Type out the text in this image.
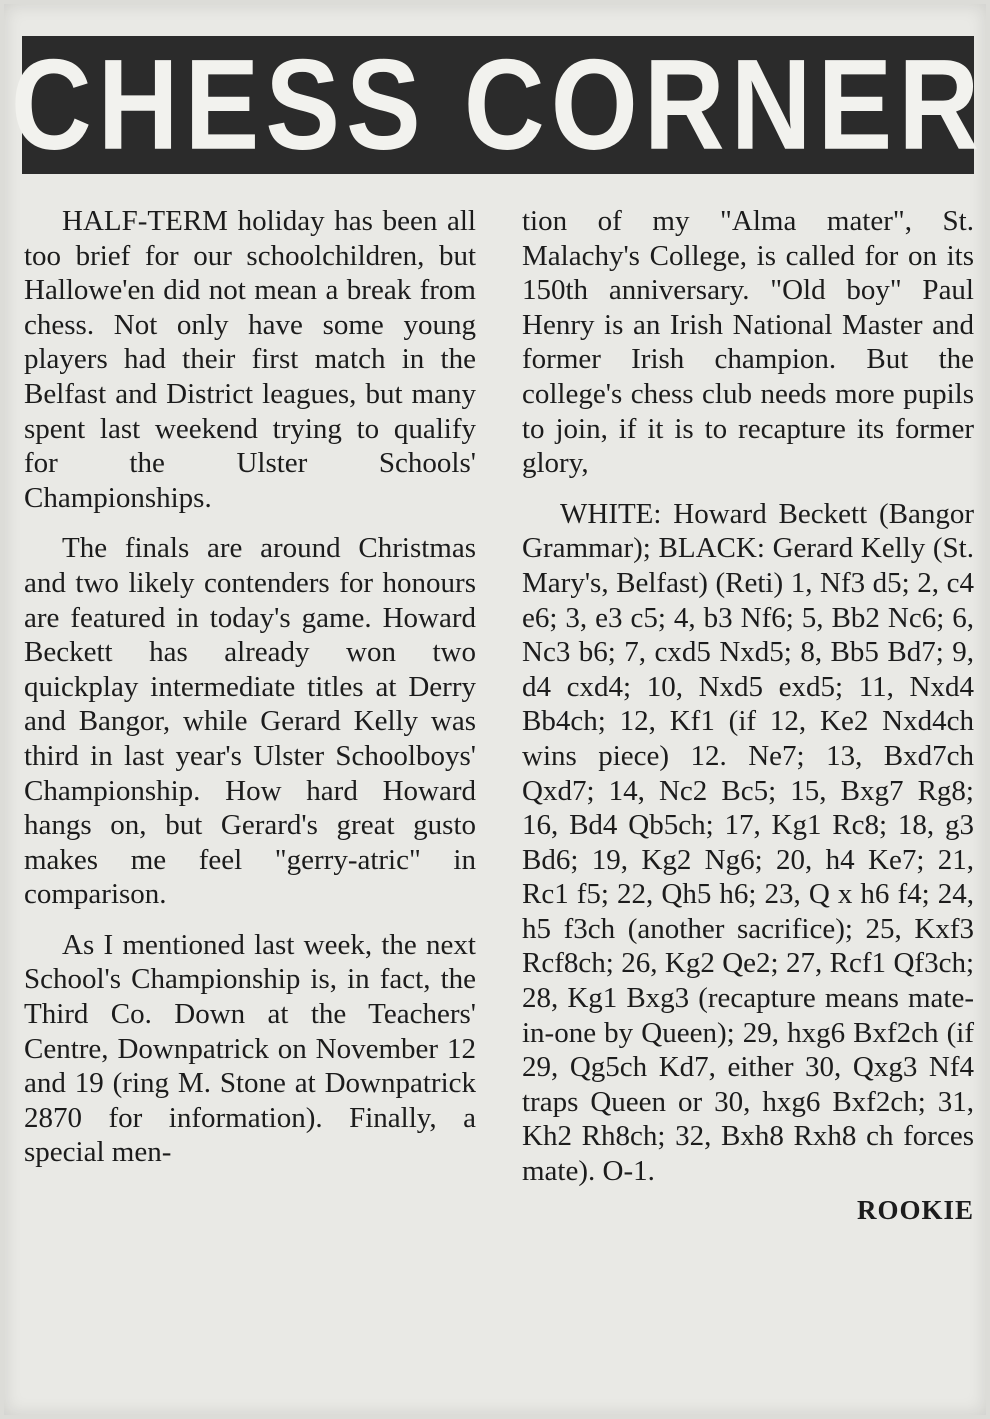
CHESS CORNER

HALF-TERM holiday has been all too brief for our schoolchildren, but Hallowe'en did not mean a break from chess. Not only have some young players had their first match in the Belfast and District leagues, but many spent last weekend trying to qualify for the Ulster Schools' Championships.

The finals are around Christmas and two likely contenders for honours are featured in today's game. Howard Beckett has already won two quickplay intermediate titles at Derry and Bangor, while Gerard Kelly was third in last year's Ulster Schoolboys' Championship. How hard Howard hangs on, but Gerard's great gusto makes me feel "gerry-atric" in comparison.

As I mentioned last week, the next School's Championship is, in fact, the Third Co. Down at the Teachers' Centre, Downpatrick on November 12 and 19 (ring M. Stone at Downpatrick 2870 for information). Finally, a special men-

tion of my "Alma mater", St. Malachy's College, is called for on its 150th anniversary. "Old boy" Paul Henry is an Irish National Master and former Irish champion. But the college's chess club needs more pupils to join, if it is to recapture its former glory,

WHITE: Howard Beckett (Bangor Grammar); BLACK: Gerard Kelly (St. Mary's, Belfast) (Reti) 1, Nf3 d5; 2, c4 e6; 3, e3 c5; 4, b3 Nf6; 5, Bb2 Nc6; 6, Nc3 b6; 7, cxd5 Nxd5; 8, Bb5 Bd7; 9, d4 cxd4; 10, Nxd5 exd5; 11, Nxd4 Bb4ch; 12, Kf1 (if 12, Ke2 Nxd4ch wins piece) 12. Ne7; 13, Bxd7ch Qxd7; 14, Nc2 Bc5; 15, Bxg7 Rg8; 16, Bd4 Qb5ch; 17, Kg1 Rc8; 18, g3 Bd6; 19, Kg2 Ng6; 20, h4 Ke7; 21, Rc1 f5; 22, Qh5 h6; 23, Q x h6 f4; 24, h5 f3ch (another sacrifice); 25, Kxf3 Rcf8ch; 26, Kg2 Qe2; 27, Rcf1 Qf3ch; 28, Kg1 Bxg3 (recapture means mate-in-one by Queen); 29, hxg6 Bxf2ch (if 29, Qg5ch Kd7, either 30, Qxg3 Nf4 traps Queen or 30, hxg6 Bxf2ch; 31, Kh2 Rh8ch; 32, Bxh8 Rxh8 ch forces mate). O-1.

ROOKIE
